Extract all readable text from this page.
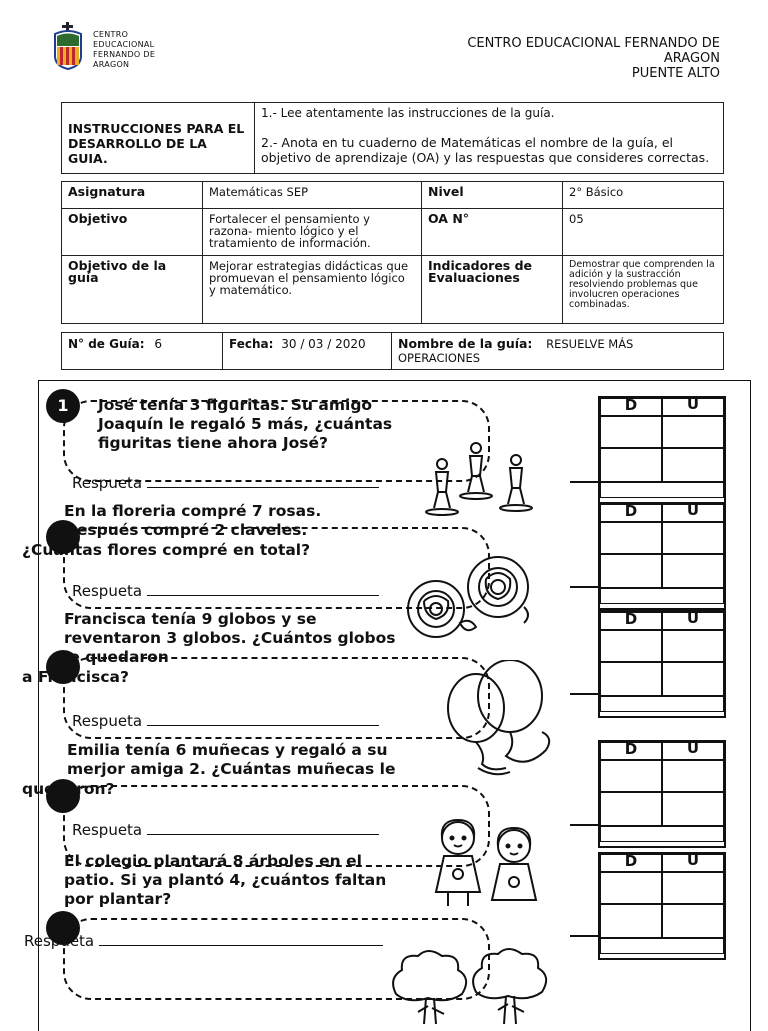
CENTRO
EDUCACIONAL
FERNANDO DE
ARAGON
CENTRO EDUCACIONAL FERNANDO DE
ARAGON
PUENTE ALTO
INSTRUCCIONES PARA EL DESARROLLO DE LA GUIA.	
1.- Lee atentamente las instrucciones de la guía.
2.- Anota en tu cuaderno de Matemáticas el nombre de la guía, el objetivo de aprendizaje (OA) y las respuestas que consideres correctas.
Asignatura	Matemáticas SEP	Nivel	2° Básico
Objetivo	Fortalecer el pensamiento y razona- miento lógico y el tratamiento de información.	OA N°	05
Objetivo de la guía	Mejorar estrategias didácticas que promuevan el pensamiento lógico y matemático.	Indicadores de Evaluaciones	Demostrar que comprenden la adición y la sustracción resolviendo problemas que involucren operaciones combinadas.
N° de Guía: 6	Fecha: 30 / 03 / 2020	Nombre de la guía: RESUELVE MÁS OPERACIONES
1	José tenía 3 figuritas. Su amigo
Joaquín le regaló 5 más, ¿cuántas
figuritas tiene ahora José?
En la floreria compré 7 rosas.
Después compré 2 claveles.
¿Cuántas flores compré en total?
Francisca tenía 9 globos y se
reventaron 3 globos. ¿Cuántos globos
le quedaron
a Francisca?
Emilia tenía 6 muñecas y regaló a su
merjor amiga 2. ¿Cuántas muñecas le
quedaron?
El colegio plantará 8 árboles en el
patio. Si ya plantó 4, ¿cuántos faltan
por plantar?
Respueta
Respueta
Respueta
Respueta
Respueta
D	U
D	U
D	U
D	U
D	U
